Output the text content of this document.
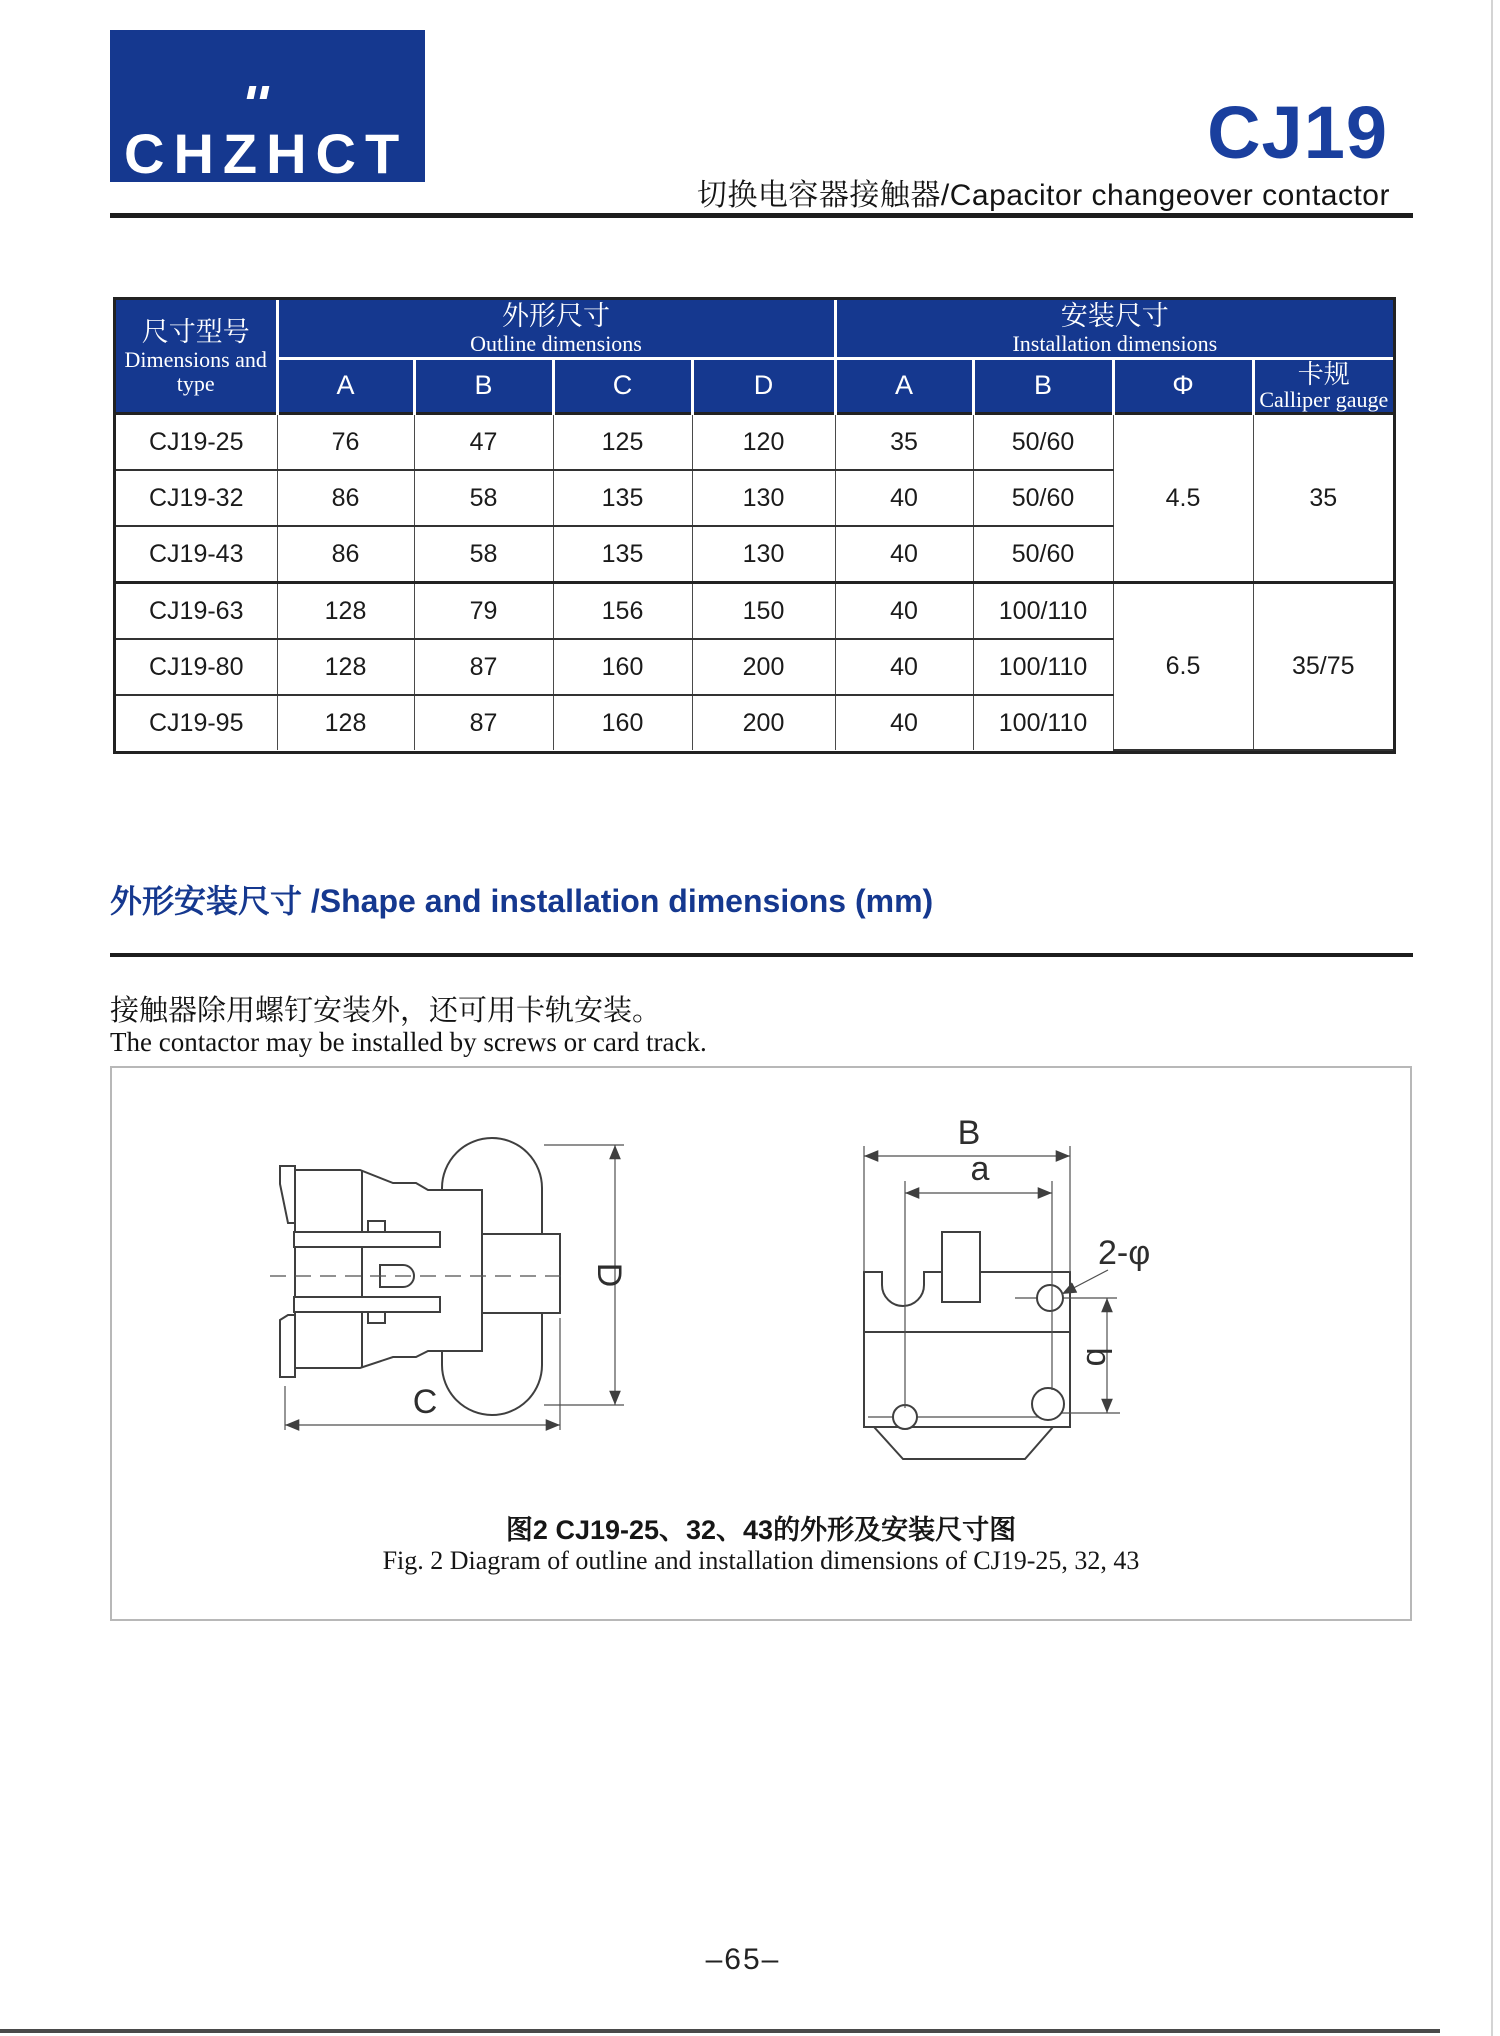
CHZHCT	CJ19
切换电容器接触器/Capacitor changeover contactor
尺寸型号
Dimensions and type

外形尺寸
Outline dimensions

安装尺寸
Installation dimensions

	A	B	C	D	A	B	Φ	卡规
Calliper gauge

CJ19-25	76	47	125	120	35	50/60	4.5	35
CJ19-32	86	58	135	130	40	50/60		
CJ19-43	86	58	135	130	40	50/60		
CJ19-63	128	79	156	150	40	100/110	6.5	35/75
CJ19-80	128	87	160	200	40	100/110		
CJ19-95	128	87	160	200	40	100/110		
外形安装尺寸 /Shape and installation dimensions (mm)
接触器除用螺钉安装外，还可用卡轨安装。
The contactor may be installed by screws or card track.
D
C
B
a
2-φ
b
图2 CJ19-25、32、43的外形及安装尺寸图
Fig. 2 Diagram of outline and installation dimensions of CJ19-25, 32, 43
–65–
